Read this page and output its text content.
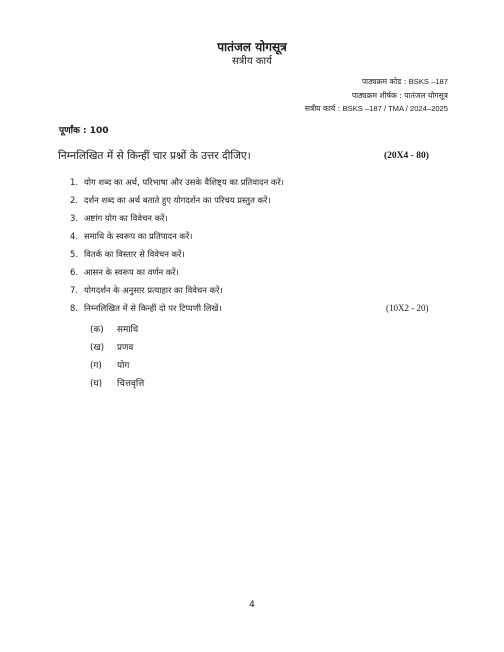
पातंजल योगसूत्र
सत्रीय कार्य
पाठ्यक्रम कोड : BSKS –187
पाठ्यक्रम शीर्षक : पातंजल योगसूत्र
सत्रीय कार्य : BSKS –187 / TMA / 2024–2025
पूर्णांक : 100
निम्नलिखित में से किन्हीं चार प्रश्नों के उत्तर दीजिए।	(20X4 - 80)
1. योग शब्द का अर्थ, परिभाषा और उसके वैशिष्ट्य का प्रतिवादन करें।
2. दर्शन शब्द का अर्थ बताते हुए योगदर्शन का परिचय प्रस्तुत करें।
3. अष्टांग योग का विवेचन करें।
4. समाधि के स्वरूप का प्रतिपादन करें।
5. वितर्क का विस्तार से विवेचन करें।
6. आसन के स्वरूप का वर्णन करें।
7. योगदर्शन के अनुसार प्रत्याहार का विवेचन करें।
8. निम्नलिखित में से किन्हीं दो पर टिप्पणी लिखें।	(10X2 - 20)
(क) समाधि
(ख) प्रणव
(ग) योग
(घ) चित्तवृत्ति
4
